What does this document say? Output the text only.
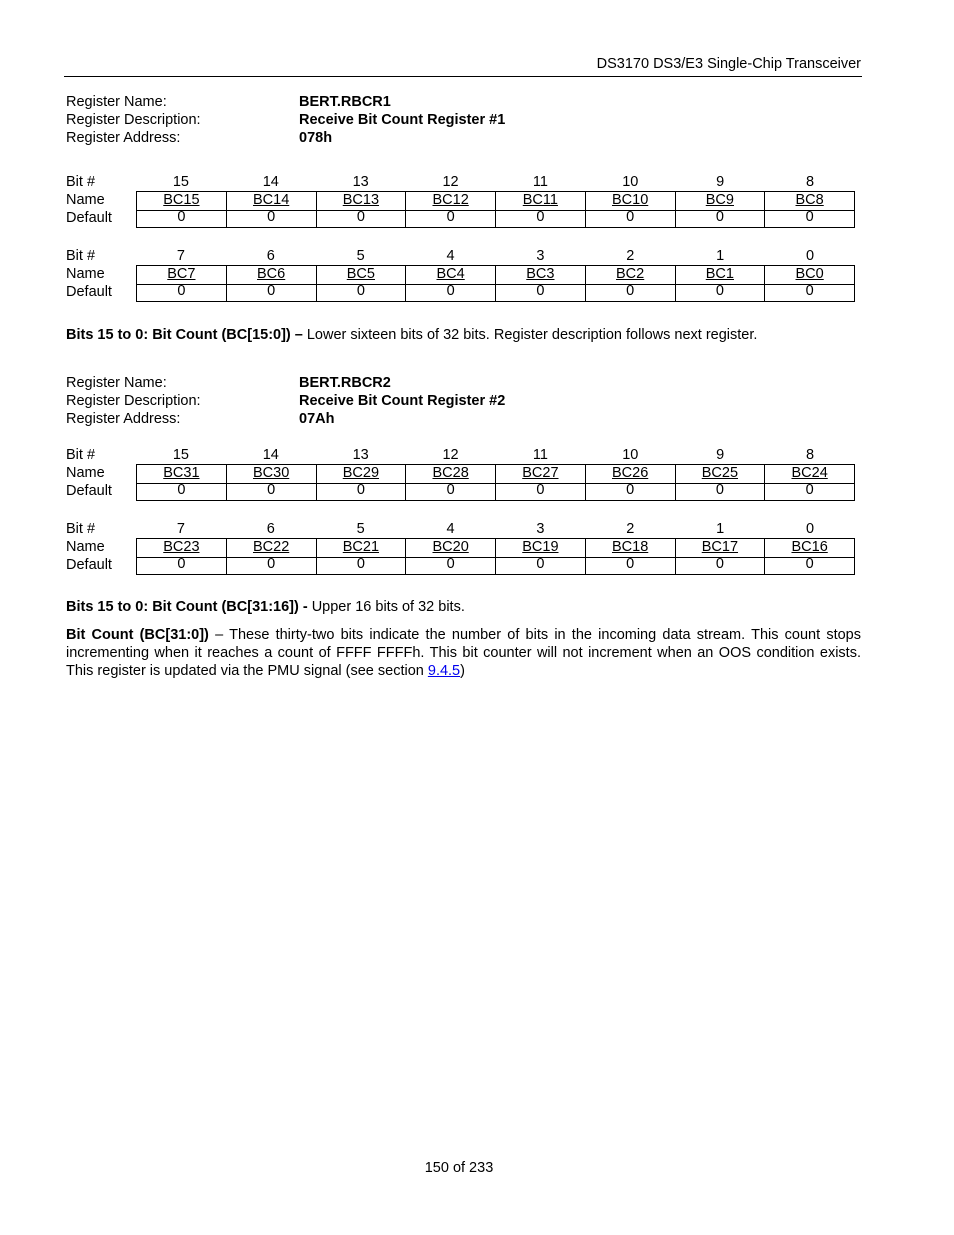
DS3170 DS3/E3 Single-Chip Transceiver
Register Name:	BERT.RBCR1
Register Description:	Receive Bit Count Register #1
Register Address:	078h
Bit #	15	14	13	12	11	10	9	8
Name	BC15	BC14	BC13	BC12	BC11	BC10	BC9	BC8
Default	0	0	0	0	0	0	0	0
Bit #	7	6	5	4	3	2	1	0
Name	BC7	BC6	BC5	BC4	BC3	BC2	BC1	BC0
Default	0	0	0	0	0	0	0	0
Bits 15 to 0: Bit Count (BC[15:0]) – Lower sixteen bits of 32 bits. Register description follows next register.
Register Name:	BERT.RBCR2
Register Description:	Receive Bit Count Register #2
Register Address:	07Ah
Bit #	15	14	13	12	11	10	9	8
Name	BC31	BC30	BC29	BC28	BC27	BC26	BC25	BC24
Default	0	0	0	0	0	0	0	0
Bit #	7	6	5	4	3	2	1	0
Name	BC23	BC22	BC21	BC20	BC19	BC18	BC17	BC16
Default	0	0	0	0	0	0	0	0
Bits 15 to 0: Bit Count (BC[31:16]) - Upper 16 bits of 32 bits.
Bit Count (BC[31:0]) – These thirty-two bits indicate the number of bits in the incoming data stream. This count stops incrementing when it reaches a count of FFFF FFFFh. This bit counter will not increment when an OOS condition exists. This register is updated via the PMU signal (see section 9.4.5)
150 of 233
